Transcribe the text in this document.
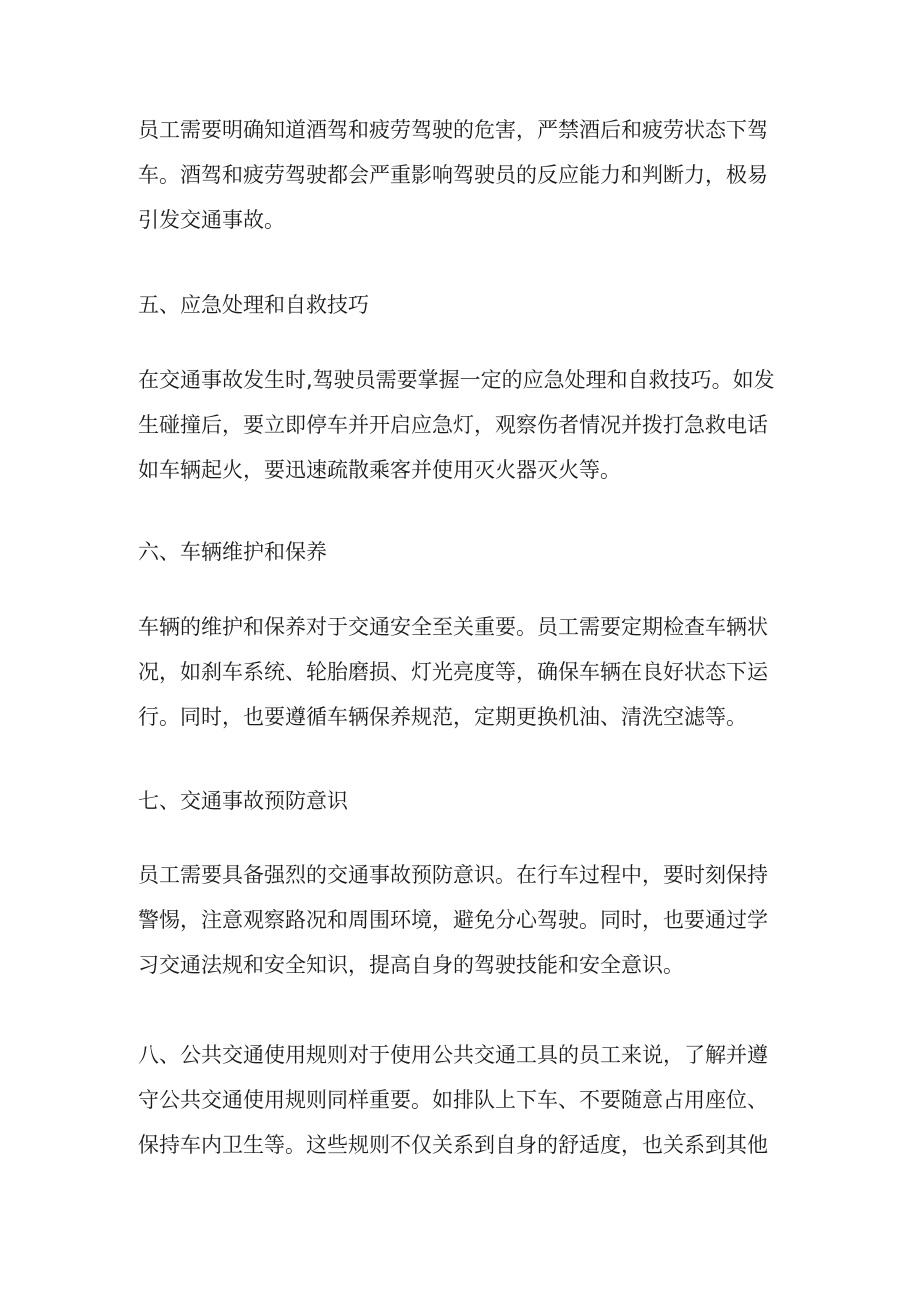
员工需要明确知道酒驾和疲劳驾驶的危害，严禁酒后和疲劳状态下驾
车。酒驾和疲劳驾驶都会严重影响驾驶员的反应能力和判断力，极易
引发交通事故。
五、应急处理和自救技巧
在交通事故发生时,驾驶员需要掌握一定的应急处理和自救技巧。如发
生碰撞后，要立即停车并开启应急灯，观察伤者情况并拨打急救电话
如车辆起火，要迅速疏散乘客并使用灭火器灭火等。
六、车辆维护和保养
车辆的维护和保养对于交通安全至关重要。员工需要定期检查车辆状
况，如刹车系统、轮胎磨损、灯光亮度等，确保车辆在良好状态下运
行。同时，也要遵循车辆保养规范，定期更换机油、清洗空滤等。
七、交通事故预防意识
员工需要具备强烈的交通事故预防意识。在行车过程中，要时刻保持
警惕，注意观察路况和周围环境，避免分心驾驶。同时，也要通过学
习交通法规和安全知识，提高自身的驾驶技能和安全意识。
八、公共交通使用规则对于使用公共交通工具的员工来说，了解并遵
守公共交通使用规则同样重要。如排队上下车、不要随意占用座位、
保持车内卫生等。这些规则不仅关系到自身的舒适度，也关系到其他
